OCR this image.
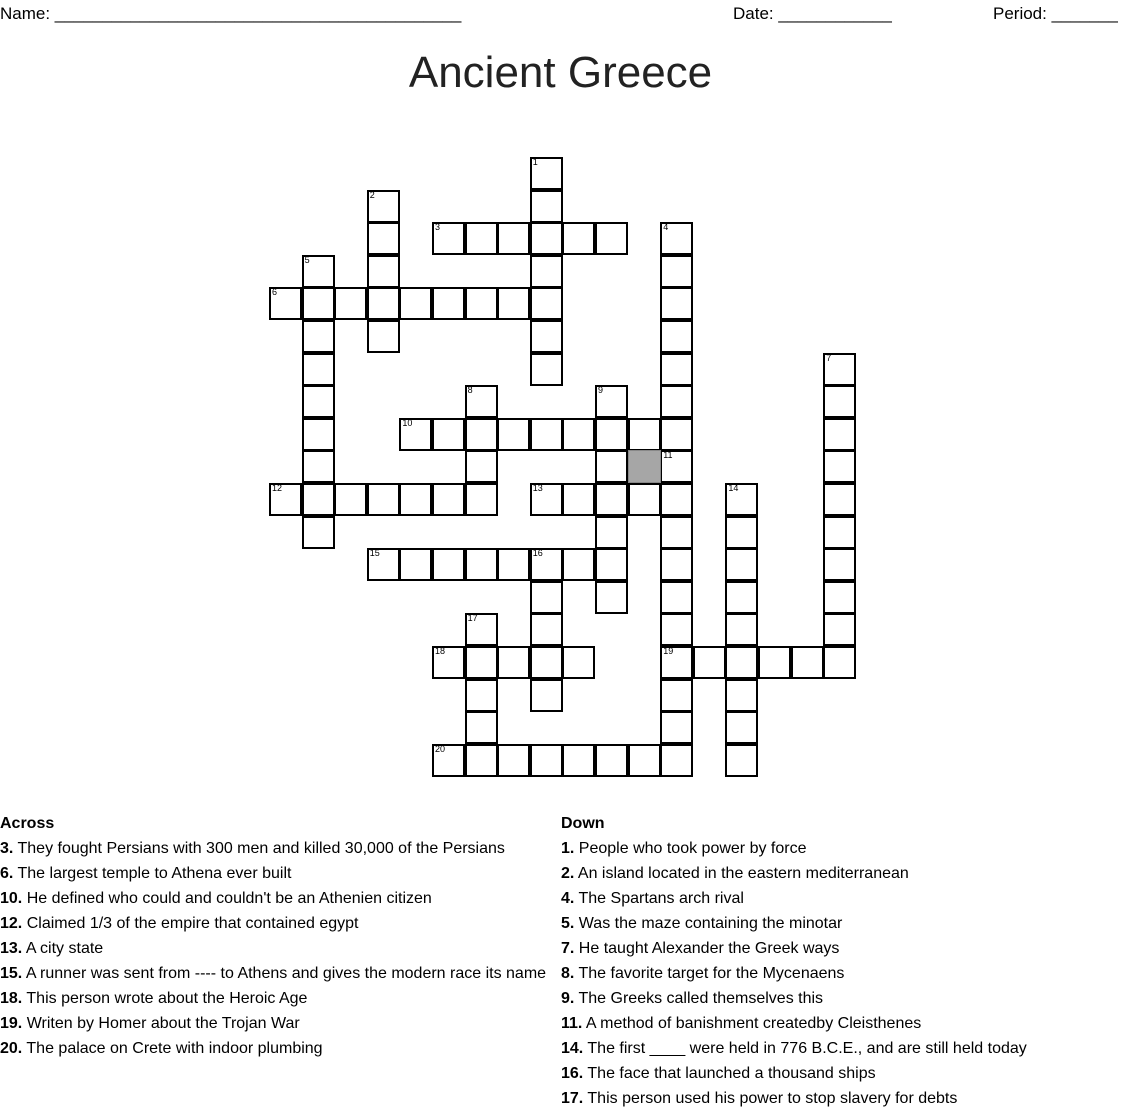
Name: ___________________________________________	Date: ____________	Period: _______
Ancient Greece
1
2
3	4
5
6
7
8	9
10
11
12	13	14
15	16
17
18	19
20
Across
3. They fought Persians with 300 men and killed 30,000 of the Persians
6. The largest temple to Athena ever built
10. He defined who could and couldn't be an Athenien citizen
12. Claimed 1/3 of the empire that contained egypt
13. A city state
15. A runner was sent from ---- to Athens and gives the modern race its name
18. This person wrote about the Heroic Age
19. Writen by Homer about the Trojan War
20. The palace on Crete with indoor plumbing
Down
1. People who took power by force
2. An island located in the eastern mediterranean
4. The Spartans arch rival
5. Was the maze containing the minotar
7. He taught Alexander the Greek ways
8. The favorite target for the Mycenaens
9. The Greeks called themselves this
11. A method of banishment createdby Cleisthenes
14. The first ____ were held in 776 B.C.E., and are still held today
16. The face that launched a thousand ships
17. This person used his power to stop slavery for debts
